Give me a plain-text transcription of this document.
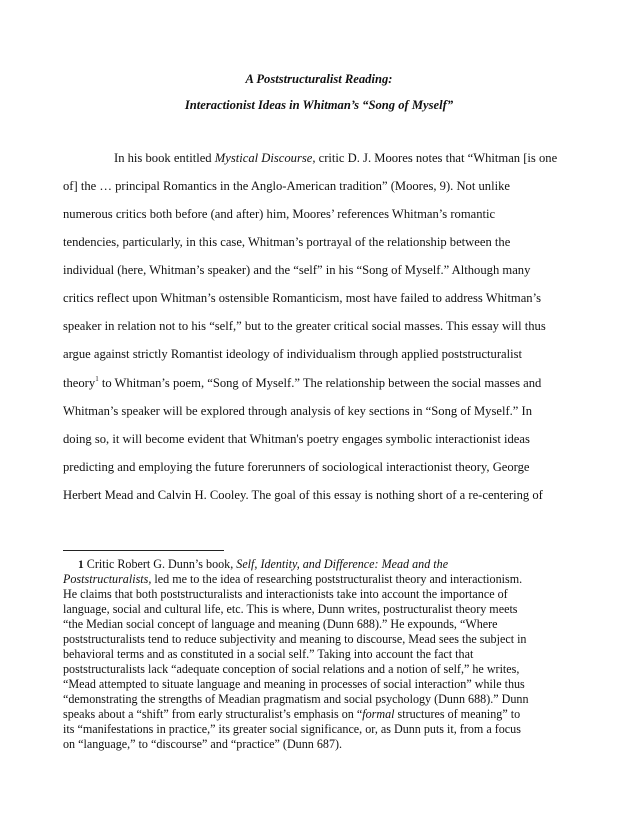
A Poststructuralist Reading:
Interactionist Ideas in Whitman’s “Song of Myself”
In his book entitled Mystical Discourse, critic D. J. Moores notes that “Whitman [is one
of] the … principal Romantics in the Anglo-American tradition” (Moores, 9). Not unlike
numerous critics both before (and after) him, Moores’ references Whitman’s romantic
tendencies, particularly, in this case, Whitman’s portrayal of the relationship between the
individual (here, Whitman’s speaker) and the “self” in his “Song of Myself.” Although many
critics reflect upon Whitman’s ostensible Romanticism, most have failed to address Whitman’s
speaker in relation not to his “self,” but to the greater critical social masses. This essay will thus
argue against strictly Romantist ideology of individualism through applied poststructuralist
theory$^1$ to Whitman’s poem, “Song of Myself.” The relationship between the social masses and
Whitman’s speaker will be explored through analysis of key sections in “Song of Myself.” In
doing so, it will become evident that Whitman's poetry engages symbolic interactionist ideas
predicting and employing the future forerunners of sociological interactionist theory, George
Herbert Mead and Calvin H. Cooley. The goal of this essay is nothing short of a re-centering of
1 Critic Robert G. Dunn’s book, Self, Identity, and Difference: Mead and the
Poststructuralists, led me to the idea of researching poststructuralist theory and interactionism.
He claims that both poststructuralists and interactionists take into account the importance of
language, social and cultural life, etc. This is where, Dunn writes, postructuralist theory meets
“the Median social concept of language and meaning (Dunn 688).” He expounds, “Where
poststructuralists tend to reduce subjectivity and meaning to discourse, Mead sees the subject in
behavioral terms and as constituted in a social self.” Taking into account the fact that
poststructuralists lack “adequate conception of social relations and a notion of self,” he writes,
“Mead attempted to situate language and meaning in processes of social interaction” while thus
“demonstrating the strengths of Meadian pragmatism and social psychology (Dunn 688).” Dunn
speaks about a “shift” from early structuralist’s emphasis on “formal structures of meaning” to
its “manifestations in practice,” its greater social significance, or, as Dunn puts it, from a focus
on “language,” to “discourse” and “practice” (Dunn 687).
